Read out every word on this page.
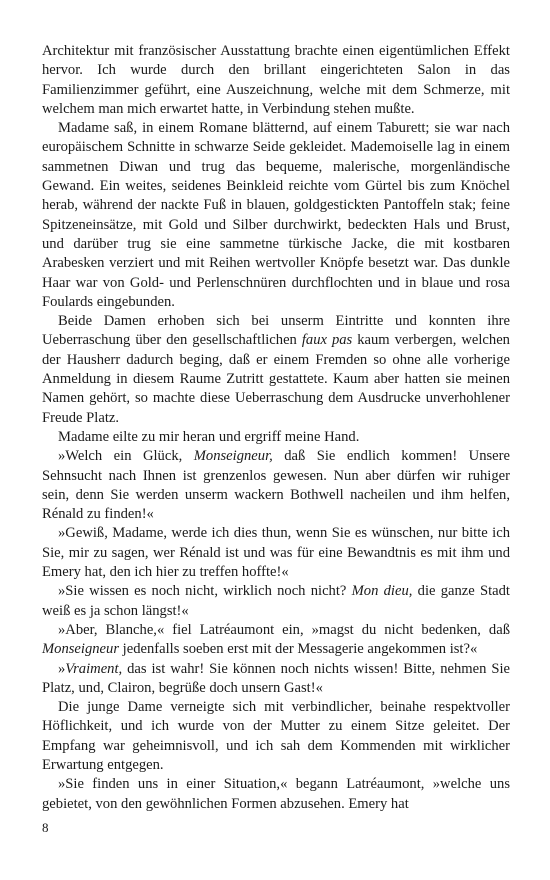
Architektur mit französischer Ausstattung brachte einen eigentümlichen Effekt hervor. Ich wurde durch den brillant eingerichteten Salon in das Familienzimmer geführt, eine Auszeichnung, welche mit dem Schmerze, mit welchem man mich erwartet hatte, in Verbindung stehen mußte.

Madame saß, in einem Romane blätternd, auf einem Taburett; sie war nach europäischem Schnitte in schwarze Seide gekleidet. Mademoiselle lag in einem sammetnen Diwan und trug das bequeme, malerische, morgenländische Gewand. Ein weites, seidenes Beinkleid reichte vom Gürtel bis zum Knöchel herab, während der nackte Fuß in blauen, goldgestickten Pantoffeln stak; feine Spitzeneinsätze, mit Gold und Silber durchwirkt, bedeckten Hals und Brust, und darüber trug sie eine sammetne türkische Jacke, die mit kostbaren Arabesken verziert und mit Reihen wertvoller Knöpfe besetzt war. Das dunkle Haar war von Gold- und Perlenschnüren durchflochten und in blaue und rosa Foulards eingebunden.

Beide Damen erhoben sich bei unserm Eintritte und konnten ihre Ueberraschung über den gesellschaftlichen faux pas kaum verbergen, welchen der Hausherr dadurch beging, daß er einem Fremden so ohne alle vorherige Anmeldung in diesem Raume Zutritt gestattete. Kaum aber hatten sie meinen Namen gehört, so machte diese Ueberraschung dem Ausdrucke unverhohlener Freude Platz.

Madame eilte zu mir heran und ergriff meine Hand.

»Welch ein Glück, Monseigneur, daß Sie endlich kommen! Unsere Sehnsucht nach Ihnen ist grenzenlos gewesen. Nun aber dürfen wir ruhiger sein, denn Sie werden unserm wackern Bothwell nacheilen und ihm helfen, Rénald zu finden!«

»Gewiß, Madame, werde ich dies thun, wenn Sie es wünschen, nur bitte ich Sie, mir zu sagen, wer Rénald ist und was für eine Bewandtnis es mit ihm und Emery hat, den ich hier zu treffen hoffte!«

»Sie wissen es noch nicht, wirklich noch nicht? Mon dieu, die ganze Stadt weiß es ja schon längst!«

»Aber, Blanche,« fiel Latréaumont ein, »magst du nicht bedenken, daß Monseigneur jedenfalls soeben erst mit der Messagerie angekommen ist?«

»Vraiment, das ist wahr! Sie können noch nichts wissen! Bitte, nehmen Sie Platz, und, Clairon, begrüße doch unsern Gast!«

Die junge Dame verneigte sich mit verbindlicher, beinahe respektvoller Höflichkeit, und ich wurde von der Mutter zu einem Sitze geleitet. Der Empfang war geheimnisvoll, und ich sah dem Kommenden mit wirklicher Erwartung entgegen.

»Sie finden uns in einer Situation,« begann Latréaumont, »welche uns gebietet, von den gewöhnlichen Formen abzusehen. Emery hat

8
